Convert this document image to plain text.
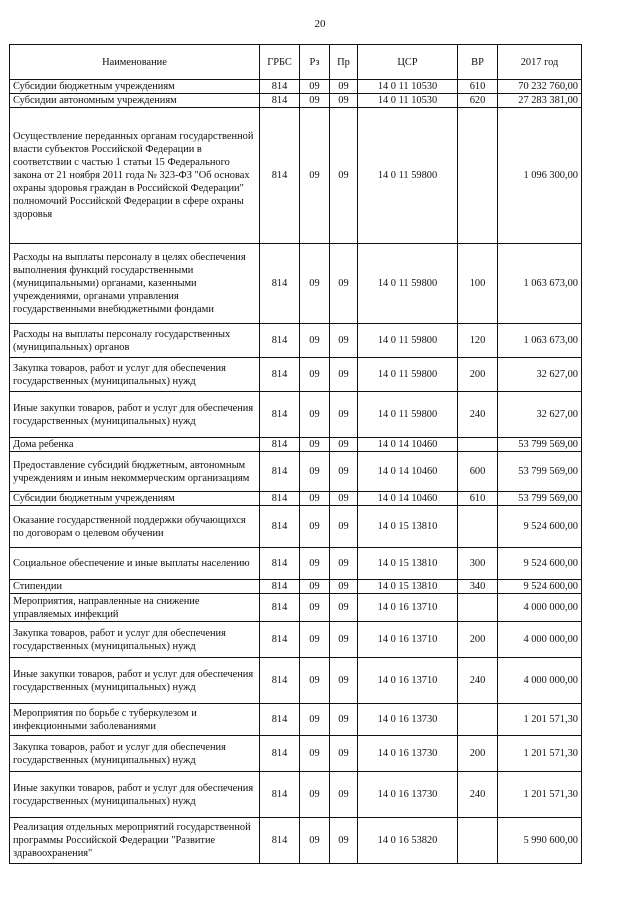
20
Наименование	ГРБС	Рз	Пр	ЦСР	ВР	2017 год
Субсидии бюджетным учреждениям	814	09	09	14 0 11 10530	610	70 232 760,00
Субсидии автономным учреждениям	814	09	09	14 0 11 10530	620	27 283 381,00
Осуществление переданных органам государственной власти субъектов Российской Федерации в соответствии с частью 1 статьи 15 Федерального закона от 21 ноября 2011 года № 323-ФЗ "Об основах охраны здоровья граждан в Российской Федерации" полномочий Российской Федерации в сфере охраны здоровья	814	09	09	14 0 11 59800		1 096 300,00
Расходы на выплаты персоналу в целях обеспечения выполнения функций государственными (муниципальными) органами, казенными учреждениями, органами управления государственными внебюджетными фондами	814	09	09	14 0 11 59800	100	1 063 673,00
Расходы на выплаты персоналу государственных (муниципальных) органов	814	09	09	14 0 11 59800	120	1 063 673,00
Закупка товаров, работ и услуг для обеспечения государственных (муниципальных) нужд	814	09	09	14 0 11 59800	200	32 627,00
Иные закупки товаров, работ и услуг для обеспечения государственных (муниципальных) нужд	814	09	09	14 0 11 59800	240	32 627,00
Дома ребенка	814	09	09	14 0 14 10460		53 799 569,00
Предоставление субсидий бюджетным, автономным учреждениям и иным некоммерческим организациям	814	09	09	14 0 14 10460	600	53 799 569,00
Субсидии бюджетным учреждениям	814	09	09	14 0 14 10460	610	53 799 569,00
Оказание государственной поддержки обучающихся по договорам о целевом обучении	814	09	09	14 0 15 13810		9 524 600,00
Социальное обеспечение и иные выплаты населению	814	09	09	14 0 15 13810	300	9 524 600,00
Стипендии	814	09	09	14 0 15 13810	340	9 524 600,00
Мероприятия, направленные на снижение управляемых инфекций	814	09	09	14 0 16 13710		4 000 000,00
Закупка товаров, работ и услуг для обеспечения государственных (муниципальных) нужд	814	09	09	14 0 16 13710	200	4 000 000,00
Иные закупки товаров, работ и услуг для обеспечения государственных (муниципальных) нужд	814	09	09	14 0 16 13710	240	4 000 000,00
Мероприятия по борьбе с туберкулезом и инфекционными заболеваниями	814	09	09	14 0 16 13730		1 201 571,30
Закупка товаров, работ и услуг для обеспечения государственных (муниципальных) нужд	814	09	09	14 0 16 13730	200	1 201 571,30
Иные закупки товаров, работ и услуг для обеспечения государственных (муниципальных) нужд	814	09	09	14 0 16 13730	240	1 201 571,30
Реализация отдельных мероприятий государственной программы Российской Федерации "Развитие здравоохранения"	814	09	09	14 0 16 53820		5 990 600,00
